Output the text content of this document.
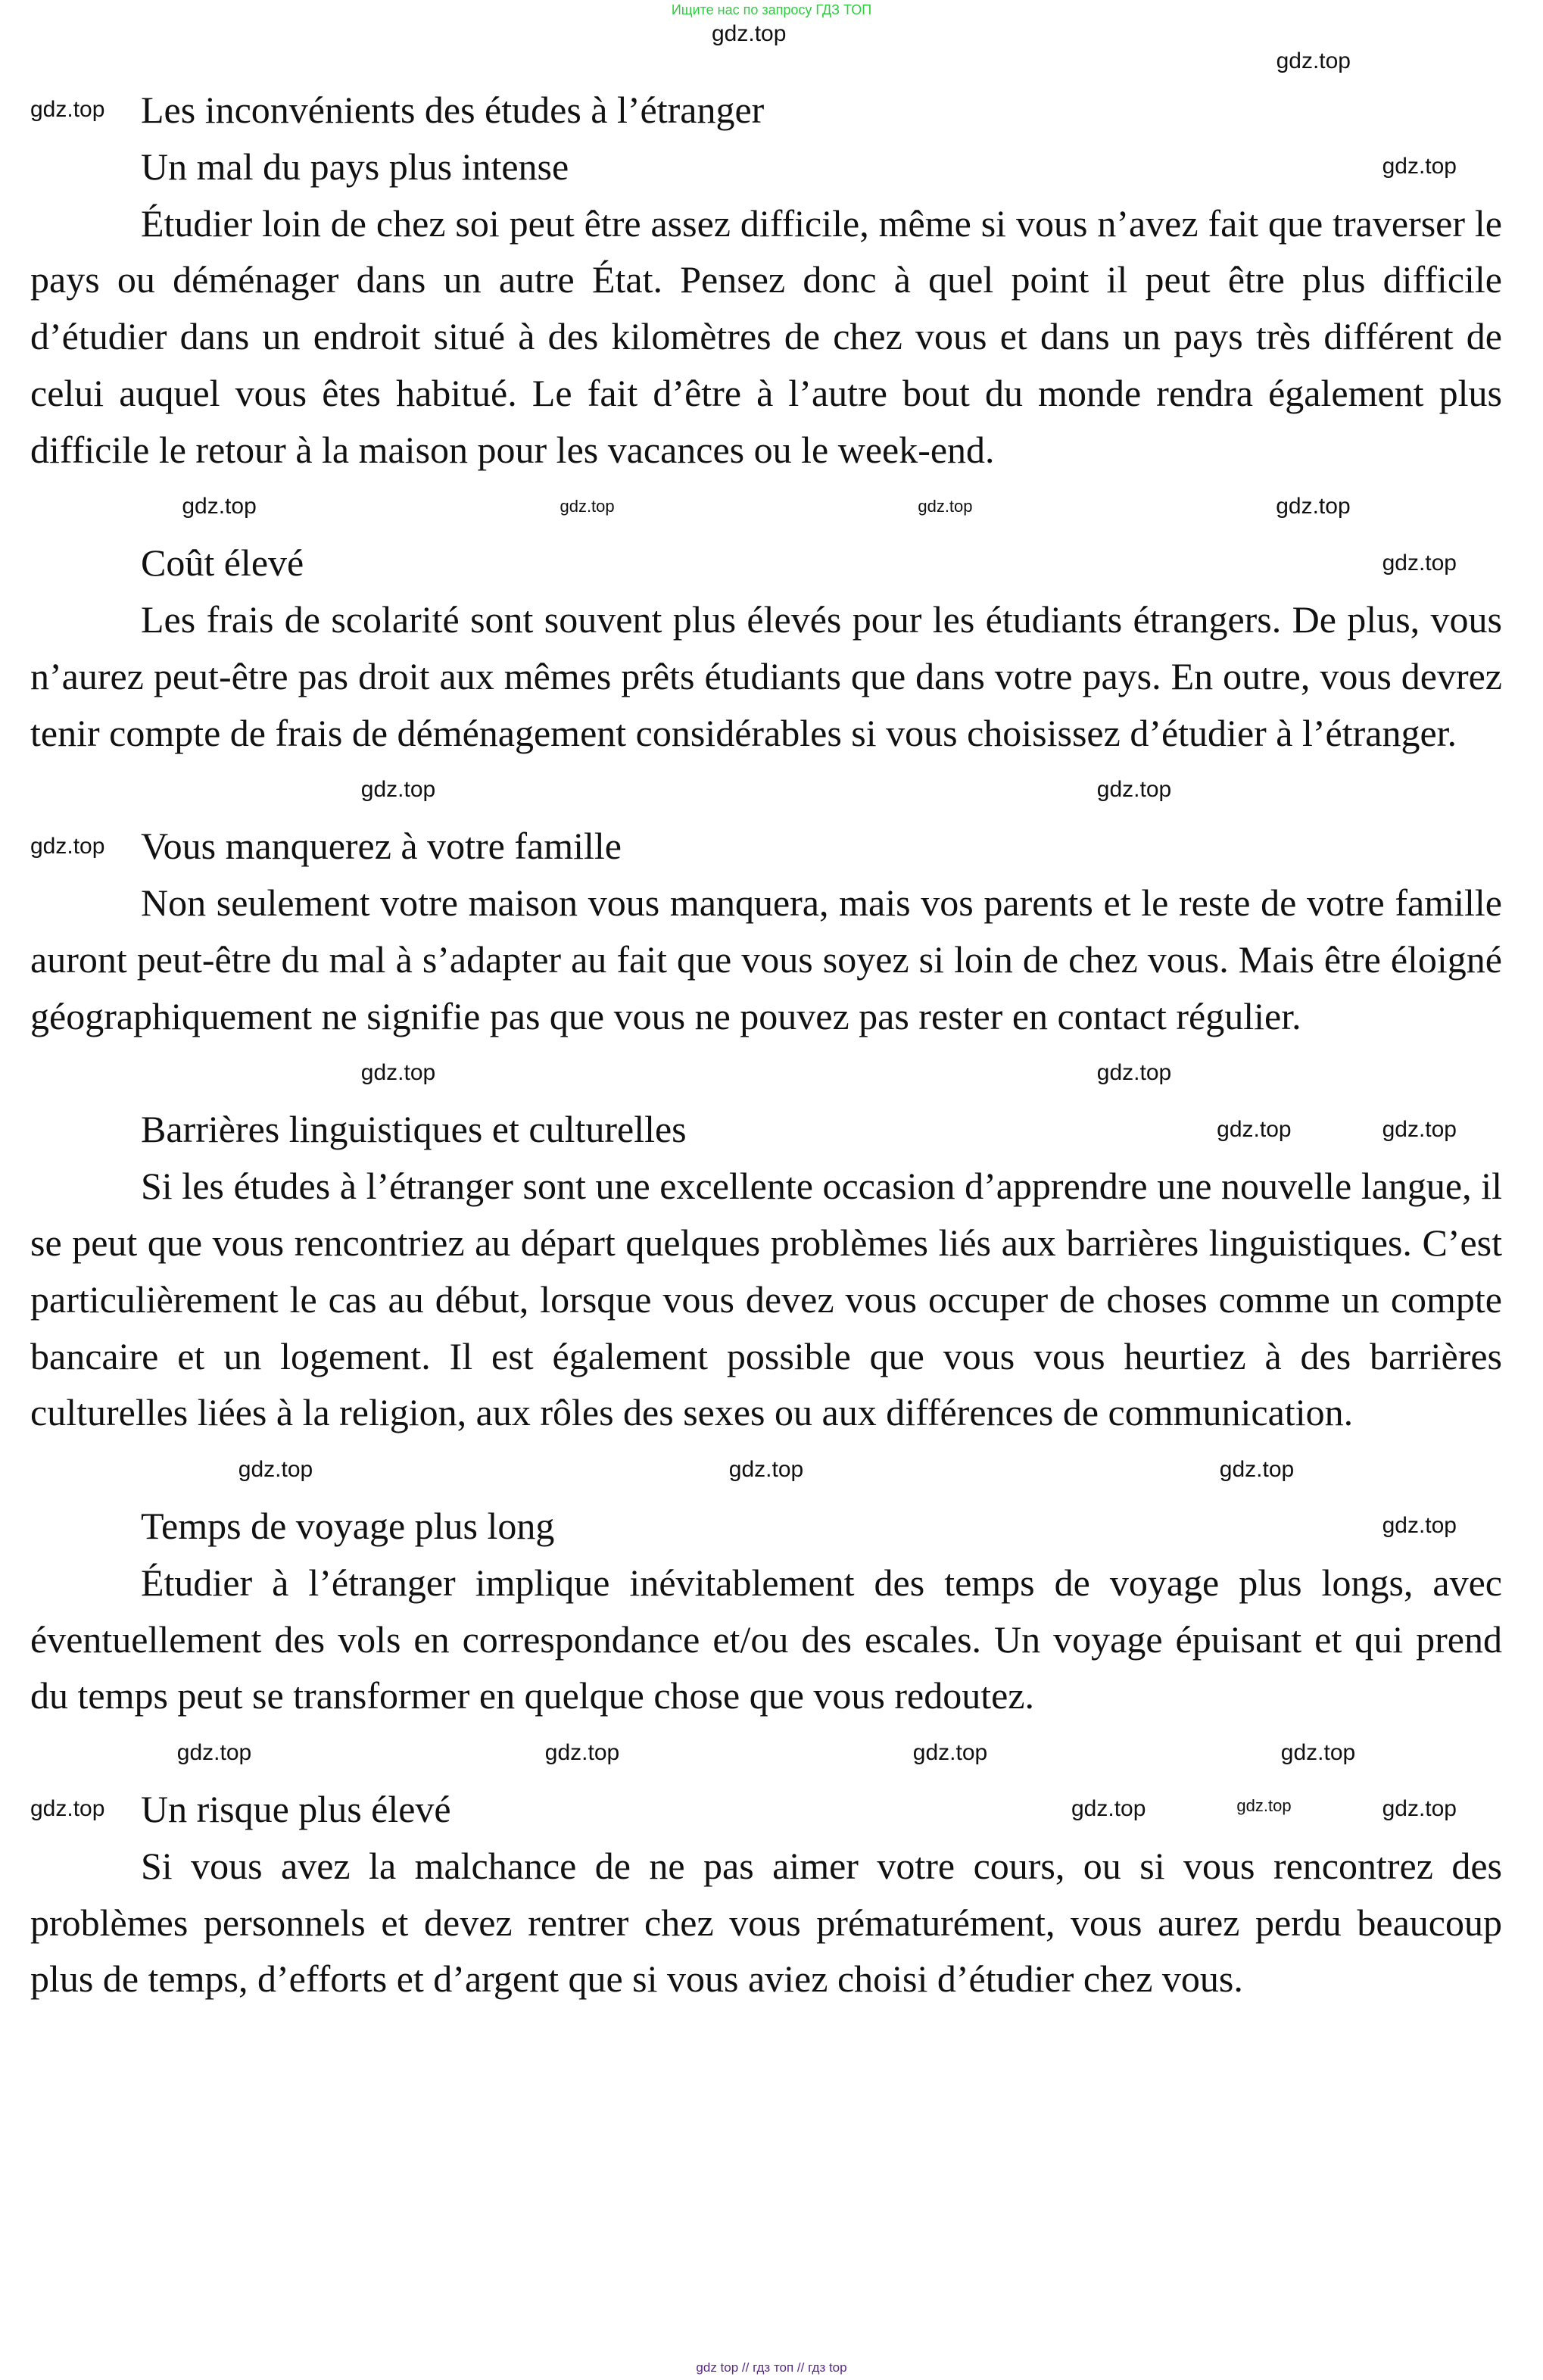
Ищите нас по запросу ГДЗ ТОП
gdz.top
gdz.top
gdz.top Les inconvénients des études à l’étranger
Un mal du pays plus intense	gdz.top

Étudier loin de chez soi peut être assez difficile, même si vous n’avez fait que traverser le pays ou déménager dans un autre État. Pensez donc à quel point il peut être plus difficile d’étudier dans un endroit situé à des kilomètres de chez vous et dans un pays très différent de celui auquel vous êtes habitué. Le fait d’être à l’autre bout du monde rendra également plus difficile le retour à la maison pour les vacances ou le week-end.

gdz.top	gdz.top	gdz.top	gdz.top
Coût élevé	gdz.top

Les frais de scolarité sont souvent plus élevés pour les étudiants étrangers. De plus, vous n’aurez peut-être pas droit aux mêmes prêts étudiants que dans votre pays. En outre, vous devrez tenir compte de frais de déménagement considérables si vous choisissez d’étudier à l’étranger.

gdz.top	gdz.top
gdz.top Vous manquerez à votre famille

Non seulement votre maison vous manquera, mais vos parents et le reste de votre famille auront peut-être du mal à s’adapter au fait que vous soyez si loin de chez vous. Mais être éloigné géographiquement ne signifie pas que vous ne pouvez pas rester en contact régulier.

gdz.top	gdz.top
Barrières linguistiques et culturelles	gdz.top	gdz.top

Si les études à l’étranger sont une excellente occasion d’apprendre une nouvelle langue, il se peut que vous rencontriez au départ quelques problèmes liés aux barrières linguistiques. C’est particulièrement le cas au début, lorsque vous devez vous occuper de choses comme un compte bancaire et un logement. Il est également possible que vous vous heurtiez à des barrières culturelles liées à la religion, aux rôles des sexes ou aux différences de communication.

gdz.top	gdz.top	gdz.top
Temps de voyage plus long	gdz.top

Étudier à l’étranger implique inévitablement des temps de voyage plus longs, avec éventuellement des vols en correspondance et/ou des escales. Un voyage épuisant et qui prend du temps peut se transformer en quelque chose que vous redoutez.

gdz.top	gdz.top	gdz.top	gdz.top
gdz.top Un risque plus élevé	gdz.top	gdz.top	gdz.top

Si vous avez la malchance de ne pas aimer votre cours, ou si vous rencontrez des problèmes personnels et devez rentrer chez vous prématurément, vous aurez perdu beaucoup plus de temps, d’efforts et d’argent que si vous aviez choisi d’étudier chez vous.

gdz top // гдз топ // гдз top
